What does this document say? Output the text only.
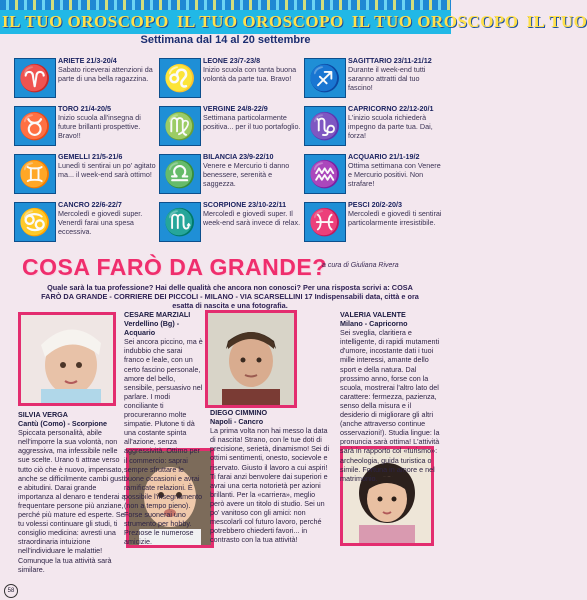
IL TUO OROSCOPO IL TUO OROSCOPO IL TUO OROSCOPO IL TUO
Settimana dal 14 al 20 settembre
♈
ARIETE 21/3-20/4
Sabato riceverai attenzioni da parte di una bella ragazzina.
♉
TORO 21/4-20/5
Inizio scuola all'insegna di future brillanti prospettive. Bravo!!
♊
GEMELLI 21/5-21/6
Lunedì ti sentirai un po' agitato ma... il week-end sarà ottimo!
♋
CANCRO 22/6-22/7
Mercoledì e giovedì super. Venerdì farai una spesa eccessiva.
♌
LEONE 23/7-23/8
Inizio scuola con tanta buona volontà da parte tua. Bravo!
♍
VERGINE 24/8-22/9
Settimana particolarmente positiva... per il tuo portafoglio.
♎
BILANCIA 23/9-22/10
Venere e Mercurio ti danno benessere, serenità e saggezza.
♏
SCORPIONE 23/10-22/11
Mercoledì e giovedì super. Il week-end sarà invece di relax.
♐
SAGITTARIO 23/11-21/12
Durante il week-end tutti saranno attratti dal tuo fascino!
♑
CAPRICORNO 22/12-20/1
L'inizio scuola richiederà impegno da parte tua. Dai, forza!
♒
ACQUARIO 21/1-19/2
Ottima settimana con Venere e Mercurio positivi. Non strafare!
♓
PESCI 20/2-20/3
Mercoledì e giovedì ti sentirai particolarmente irresistibile.
COSA FARÒ DA GRANDE?
a cura di Giuliana Rivera
Quale sarà la tua professione? Hai delle qualità che ancora non conosci? Per una risposta scrivi a: COSA FARÒ DA GRANDE - CORRIERE DEI PICCOLI - MILANO - VIA SCARSELLINI 17 Indispensabili data, città e ora esatta di nascita e una fotografia.
SILVIA VERGA
Cantù (Como) - Scorpione
Spiccata personalità, abile nell'imporre la sua volontà, non aggressiva, ma infessibile nelle sue scelte. Urano ti attrae verso tutto ciò che è nuovo, impensato, anche se difficilmente cambi gusti e abitudini. Darai grande importanza al denaro e tenderai a frequentare persone più anziane, perché più mature ed esperte. Se tu volessi continuare gli studi, ti consiglio medicina: avresti una straordinaria intuizione nell'individuare le malattie! Comunque la tua attività sarà similare.
CESARE MARZIALI
Verdellino (Bg) - Acquario
Sei ancora piccino, ma è indubbio che sarai franco e leale, con un certo fascino personale, amore del bello, sensibile, persuasivo nel parlare. I modi conciliante ti procureranno molte simpatie. Plutone ti dà una costante spinta all'azione, senza aggressività. Ottimo per il commercio: saprai sempre sfruttare le buone occasioni e avrai ramificate relazioni. È possibile l'insegnamento (non a tempo pieno). Forse suonerai uno strumento per hobby. Preziose le numerose amicizie.
DIEGO CIMMINO
Napoli - Cancro
La prima volta non hai messo la data di nascita! Strano, con le tue doti di precisione, serietà, dinamismo! Sei di ottimi sentimenti, onesto, socievole e riservato. Giusto il lavoro a cui aspiri! Ti farai anzi benvolere dai superiori e avrai una certa notorietà per azioni brillanti. Per la «carriera», meglio però avere un titolo di studio. Sei un po' vanitoso con gli amici: non mescolarli col futuro lavoro, perché potrebbero chiederti favori... in contrasto con la tua attività!
VALERIA VALENTE
Milano - Capricorno
Sei sveglia, claritiera e intelligente, di rapidi mutamenti d'umore, incostante dati i tuoi mille interessi, amante dello sport e della natura. Dal prossimo anno, forse con la scuola, mostrerai l'altro lato del carattere: fermezza, pazienza, senso della misura e il desiderio di migliorare gli altri (anche attraverso continue osservazioni!). Studia lingue: la pronuncia sarà ottima! L'attività sarà in rapporto col «turismo»: archeologia, guida turistica o simile. Fortuna in amore e nel matrimonio.
58
